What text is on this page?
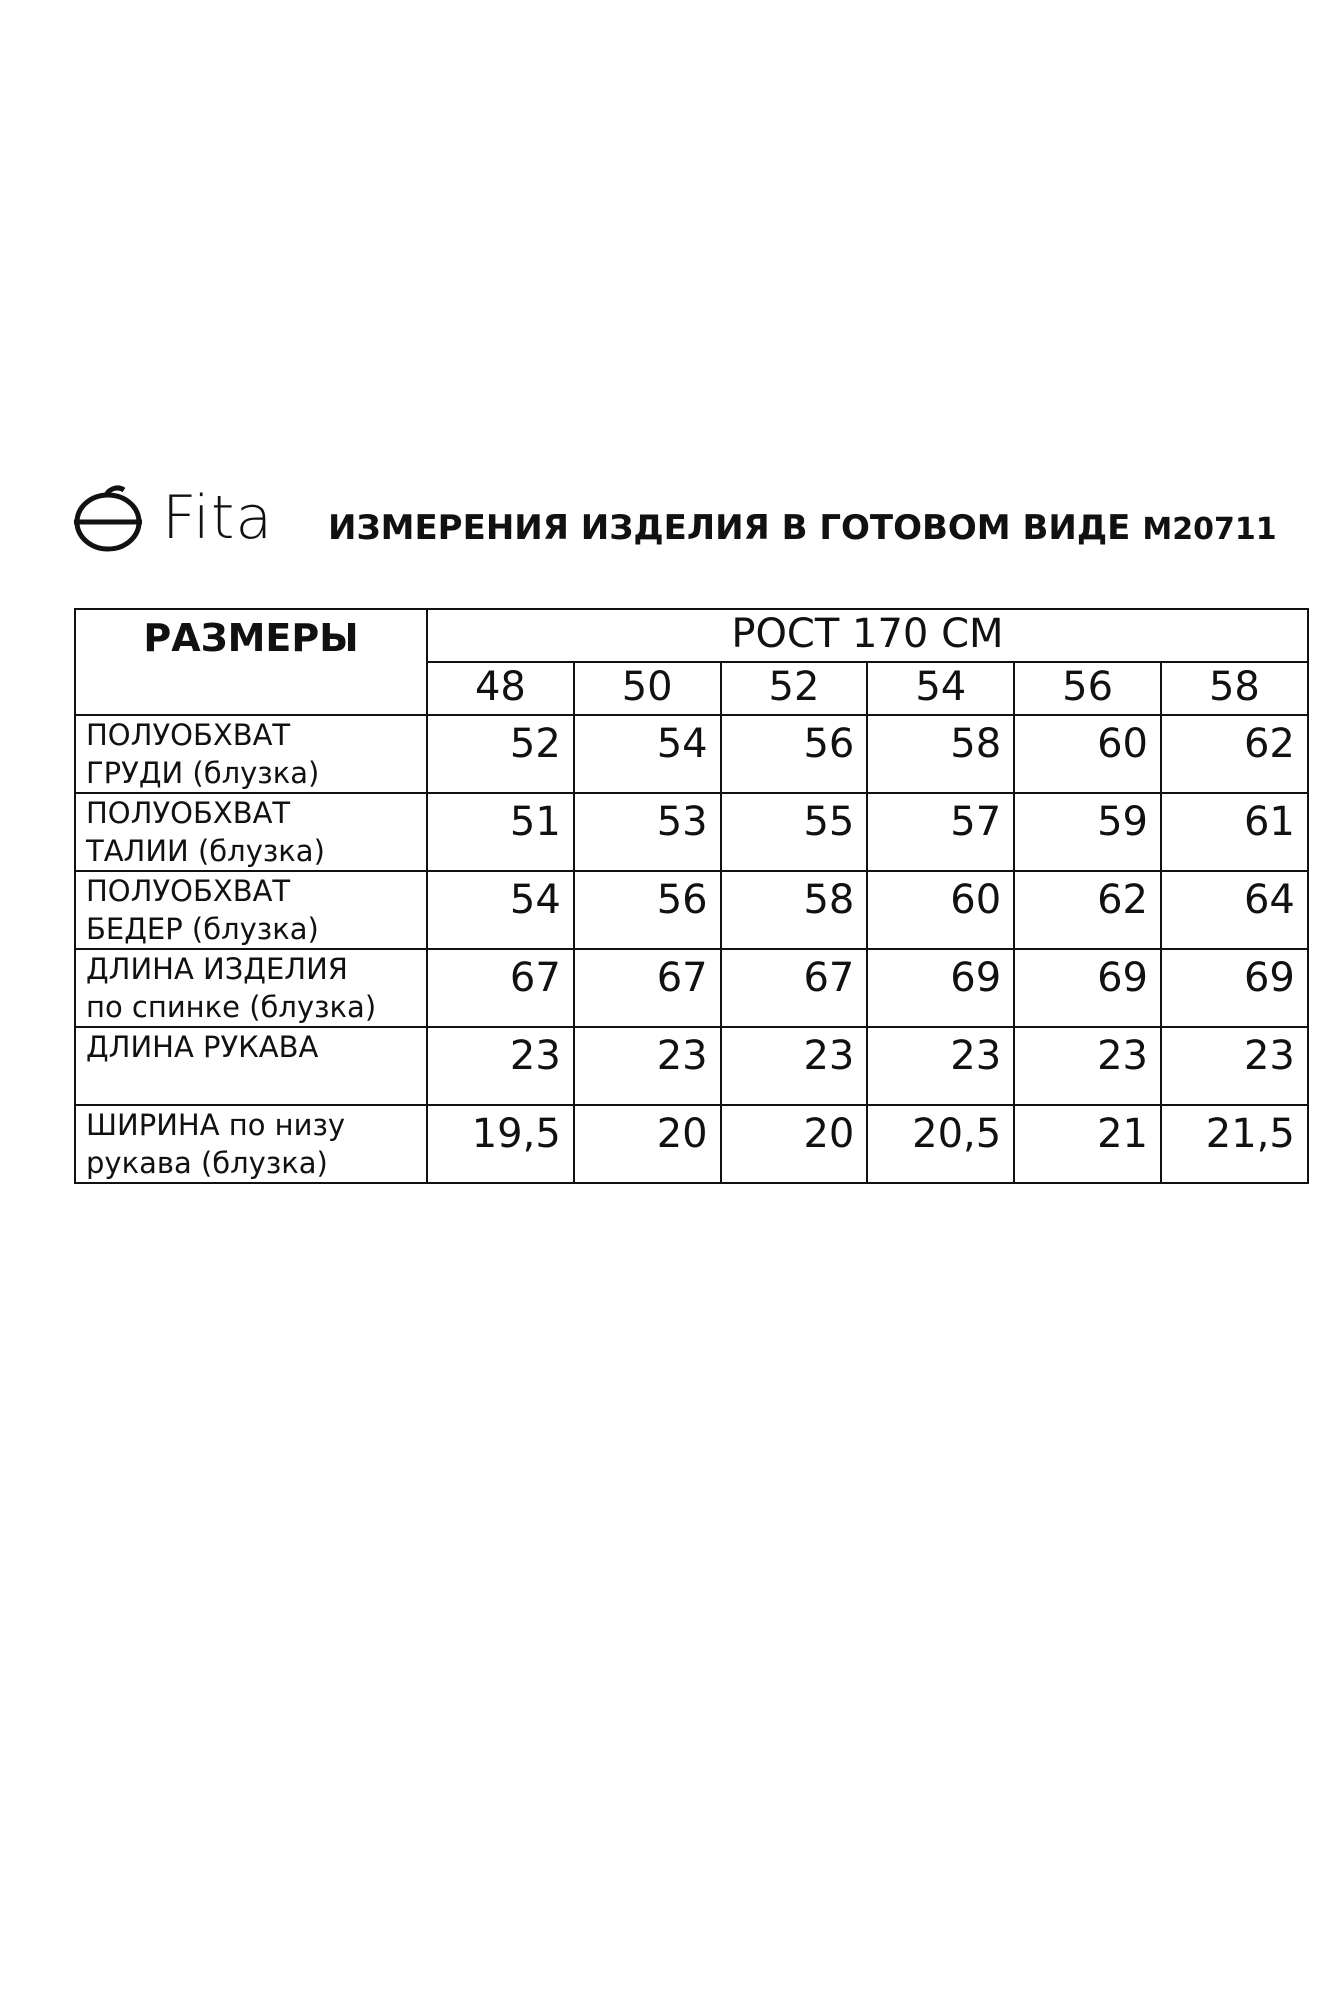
Fita ИЗМЕРЕНИЯ ИЗДЕЛИЯ В ГОТОВОМ ВИДЕ М20711
РАЗМЕРЫ	РОСТ 170 СМ					
	48	50	52	54	56	58
ПОЛУОБХВАТ
ГРУДИ (блузка)	52	54	56	58	60	62
ПОЛУОБХВАТ
ТАЛИИ (блузка)	51	53	55	57	59	61
ПОЛУОБХВАТ
БЕДЕР (блузка)	54	56	58	60	62	64
ДЛИНА ИЗДЕЛИЯ
по спинке (блузка)	67	67	67	69	69	69
ДЛИНА РУКАВА	23	23	23	23	23	23
ШИРИНА по низу
рукава (блузка)	19,5	20	20	20,5	21	21,5
